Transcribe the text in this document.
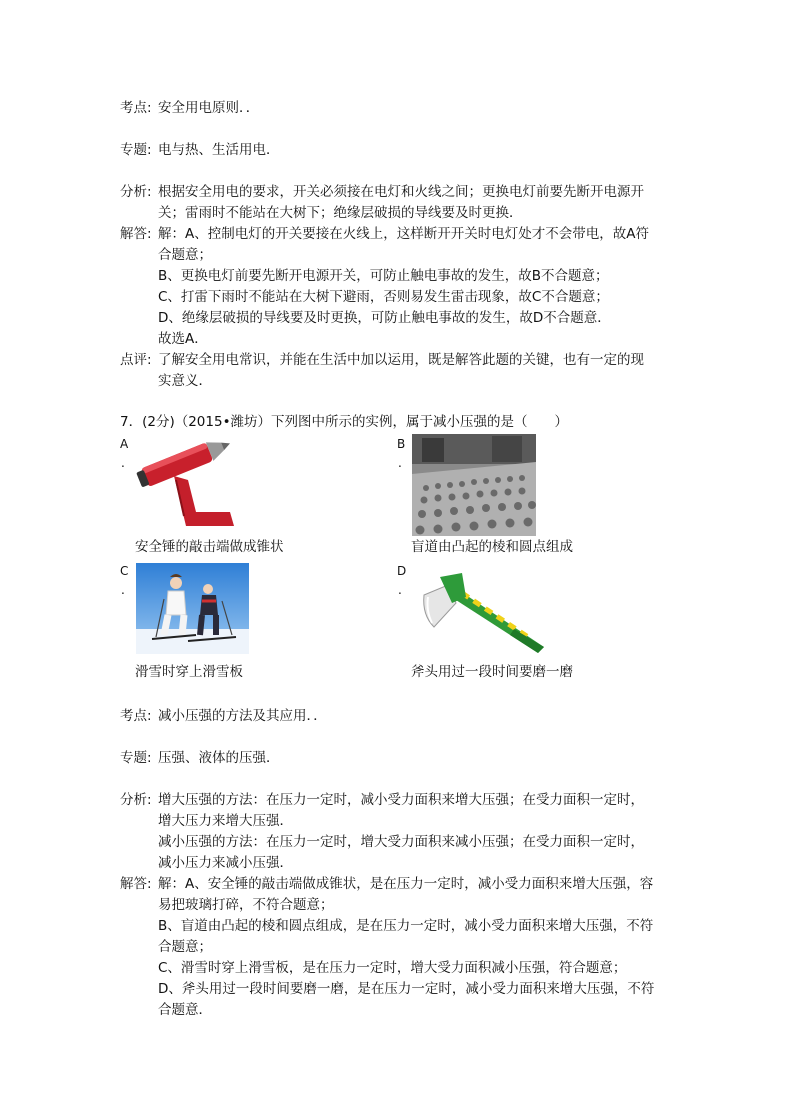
考点: 安全用电原则．．
专题: 电与热、生活用电．
分析: 根据安全用电的要求，开关必须接在电灯和火线之间；更换电灯前要先断开电源开
关；雷雨时不能站在大树下；绝缘层破损的导线要及时更换．
解答: 解：A、控制电灯的开关要接在火线上，这样断开开关时电灯处才不会带电，故A符
合题意；
B、更换电灯前要先断开电源开关，可防止触电事故的发生，故B不合题意；
C、打雷下雨时不能站在大树下避雨，否则易发生雷击现象，故C不合题意；
D、绝缘层破损的导线要及时更换，可防止触电事故的发生，故D不合题意．
故选A．
点评: 了解安全用电常识，并能在生活中加以运用，既是解答此题的关键，也有一定的现
实意义．
7．(2分)（2015•潍坊）下列图中所示的实例，属于减小压强的是（　　）
A
.
安全锤的敲击端做成锥状
B
.
盲道由凸起的棱和圆点组成
C
.
滑雪时穿上滑雪板
D
.
斧头用过一段时间要磨一磨
考点: 减小压强的方法及其应用．．
专题: 压强、液体的压强．
分析: 增大压强的方法：在压力一定时，减小受力面积来增大压强；在受力面积一定时，
增大压力来增大压强．
减小压强的方法：在压力一定时，增大受力面积来减小压强；在受力面积一定时，
减小压力来减小压强．
解答: 解：A、安全锤的敲击端做成锥状，是在压力一定时，减小受力面积来增大压强，容
易把玻璃打碎，不符合题意；
B、盲道由凸起的棱和圆点组成，是在压力一定时，减小受力面积来增大压强，不符
合题意；
C、滑雪时穿上滑雪板，是在压力一定时，增大受力面积减小压强，符合题意；
D、斧头用过一段时间要磨一磨，是在压力一定时，减小受力面积来增大压强，不符
合题意．
